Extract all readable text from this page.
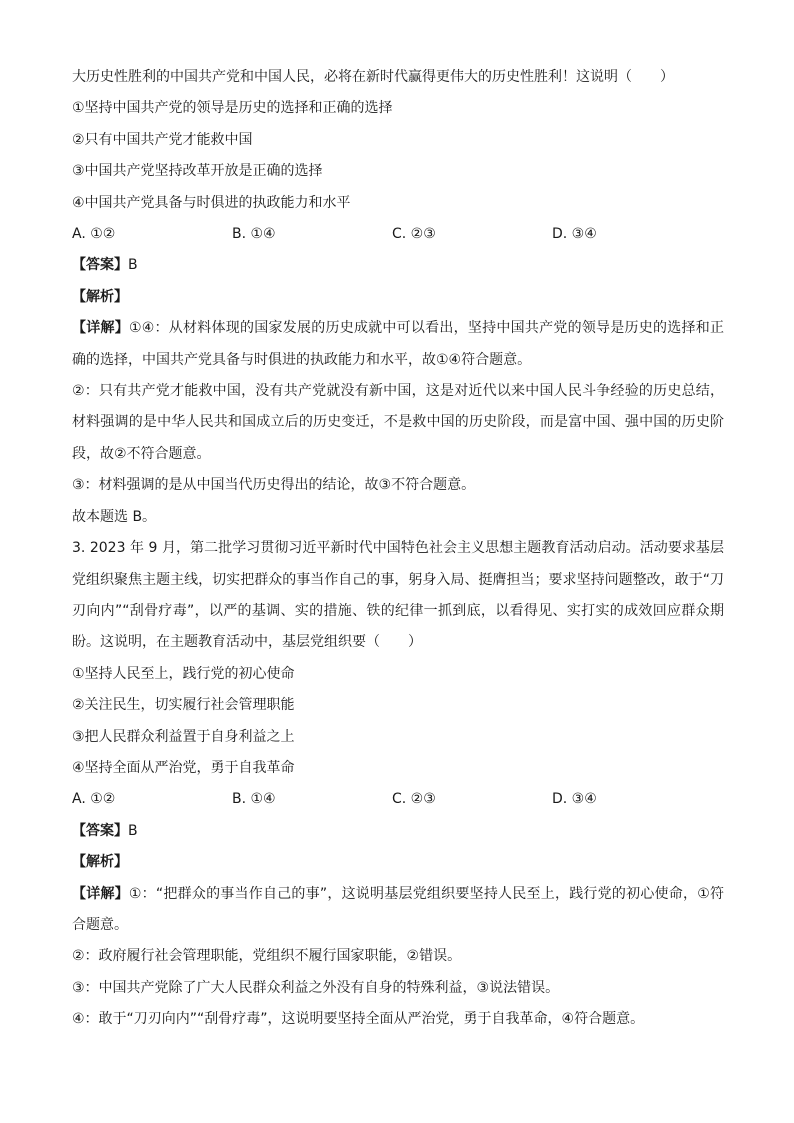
大历史性胜利的中国共产党和中国人民，必将在新时代赢得更伟大的历史性胜利！这说明（　　）
①坚持中国共产党的领导是历史的选择和正确的选择
②只有中国共产党才能救中国
③中国共产党坚持改革开放是正确的选择
④中国共产党具备与时俱进的执政能力和水平
A. ①②	B. ①④	C. ②③	D. ③④
【答案】B
【解析】
【详解】①④：从材料体现的国家发展的历史成就中可以看出，坚持中国共产党的领导是历史的选择和正确的选择，中国共产党具备与时俱进的执政能力和水平，故①④符合题意。
②：只有共产党才能救中国，没有共产党就没有新中国，这是对近代以来中国人民斗争经验的历史总结，材料强调的是中华人民共和国成立后的历史变迁，不是救中国的历史阶段，而是富中国、强中国的历史阶段，故②不符合题意。
③：材料强调的是从中国当代历史得出的结论，故③不符合题意。
故本题选 B。
3. 2023 年 9 月，第二批学习贯彻习近平新时代中国特色社会主义思想主题教育活动启动。活动要求基层党组织聚焦主题主线，切实把群众的事当作自己的事，躬身入局、挺膺担当；要求坚持问题整改，敢于“刀刃向内”“刮骨疗毒”，以严的基调、实的措施、铁的纪律一抓到底，以看得见、实打实的成效回应群众期盼。这说明，在主题教育活动中，基层党组织要（　　）
①坚持人民至上，践行党的初心使命
②关注民生，切实履行社会管理职能
③把人民群众利益置于自身利益之上
④坚持全面从严治党，勇于自我革命
A. ①②	B. ①④	C. ②③	D. ③④
【答案】B
【解析】
【详解】①：“把群众的事当作自己的事”，这说明基层党组织要坚持人民至上，践行党的初心使命，①符合题意。
②：政府履行社会管理职能，党组织不履行国家职能，②错误。
③：中国共产党除了广大人民群众利益之外没有自身的特殊利益，③说法错误。
④：敢于“刀刃向内”“刮骨疗毒”，这说明要坚持全面从严治党，勇于自我革命，④符合题意。
